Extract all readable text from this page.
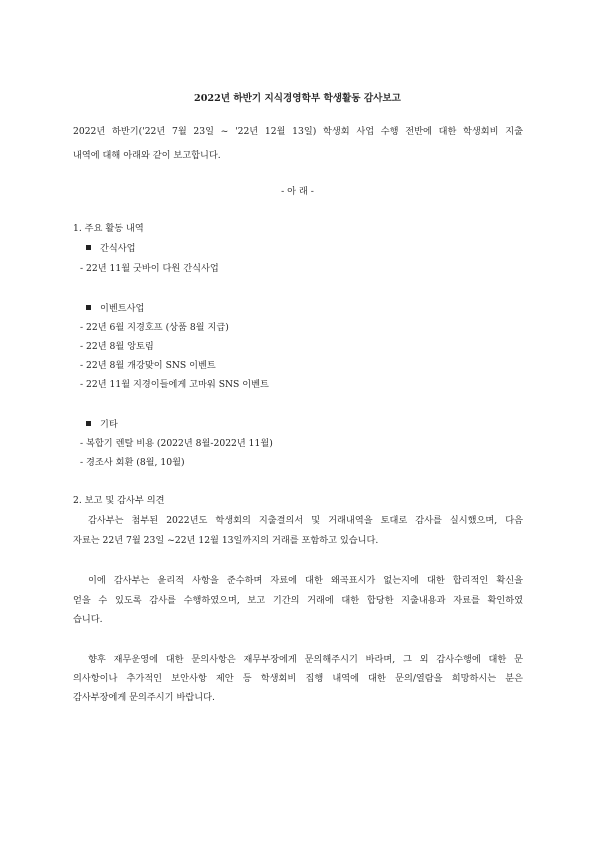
2022년 하반기 지식경영학부 학생활동 감사보고
2022년 하반기('22년 7월 23일 ~ '22년 12월 13일) 학생회 사업 수행 전반에 대한 학생회비 지출
내역에 대해 아래와 같이 보고합니다.
- 아 래 -
1. 주요 활동 내역
간식사업
- 22년 11월 굿바이 다원 간식사업
이벤트사업
- 22년 6월 지경호프 (상품 8월 지급)
- 22년 8월 앙토림
- 22년 8월 개강맞이 SNS 이벤트
- 22년 11월 지경이들에게 고마워 SNS 이벤트
기타
- 복합기 렌탈 비용 (2022년 8월-2022년 11월)
- 경조사 회환 (8월, 10월)
2. 보고 및 감사부 의견
감사부는 첨부된 2022년도 학생회의 지출결의서 및 거래내역을 토대로 감사를 실시했으며, 다음
자료는 22년 7월 23일 ~22년 12월 13일까지의 거래를 포함하고 있습니다.
이에 감사부는 윤리적 사항을 준수하며 자료에 대한 왜곡표시가 없는지에 대한 합리적인 확신을
얻을 수 있도록 감사를 수행하였으며, 보고 기간의 거래에 대한 합당한 지출내용과 자료를 확인하였
습니다.
향후 재무운영에 대한 문의사항은 재무부장에게 문의해주시기 바라며, 그 외 감사수행에 대한 문
의사항이나 추가적인 보안사항 제안 등 학생회비 집행 내역에 대한 문의/열람을 희망하시는 분은
감사부장에게 문의주시기 바랍니다.
